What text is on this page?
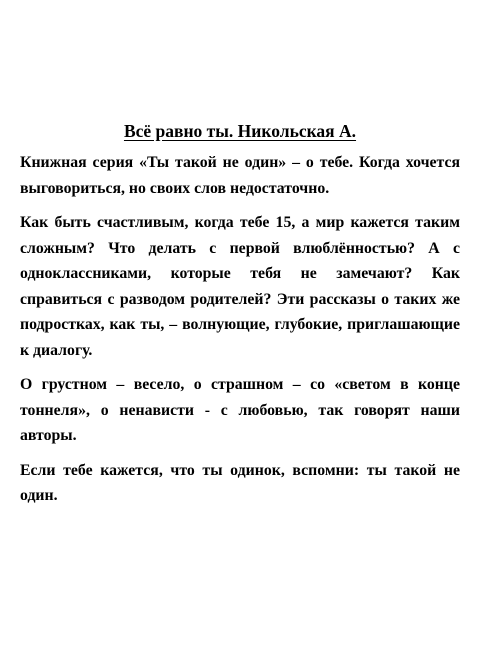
Всё равно ты. Никольская А.

Книжная серия «Ты такой не один» – о тебе. Когда хочется выговориться, но своих слов недостаточно.

Как быть счастливым, когда тебе 15, а мир кажется таким сложным? Что делать с первой влюблённостью? А с одноклассниками, которые тебя не замечают? Как справиться с разводом родителей? Эти рассказы о таких же подростках, как ты, – волнующие, глубокие, приглашающие к диалогу.

О грустном – весело, о страшном – со «светом в конце тоннеля», о ненависти - с любовью, так говорят наши авторы.

Если тебе кажется, что ты одинок, вспомни: ты такой не один.
